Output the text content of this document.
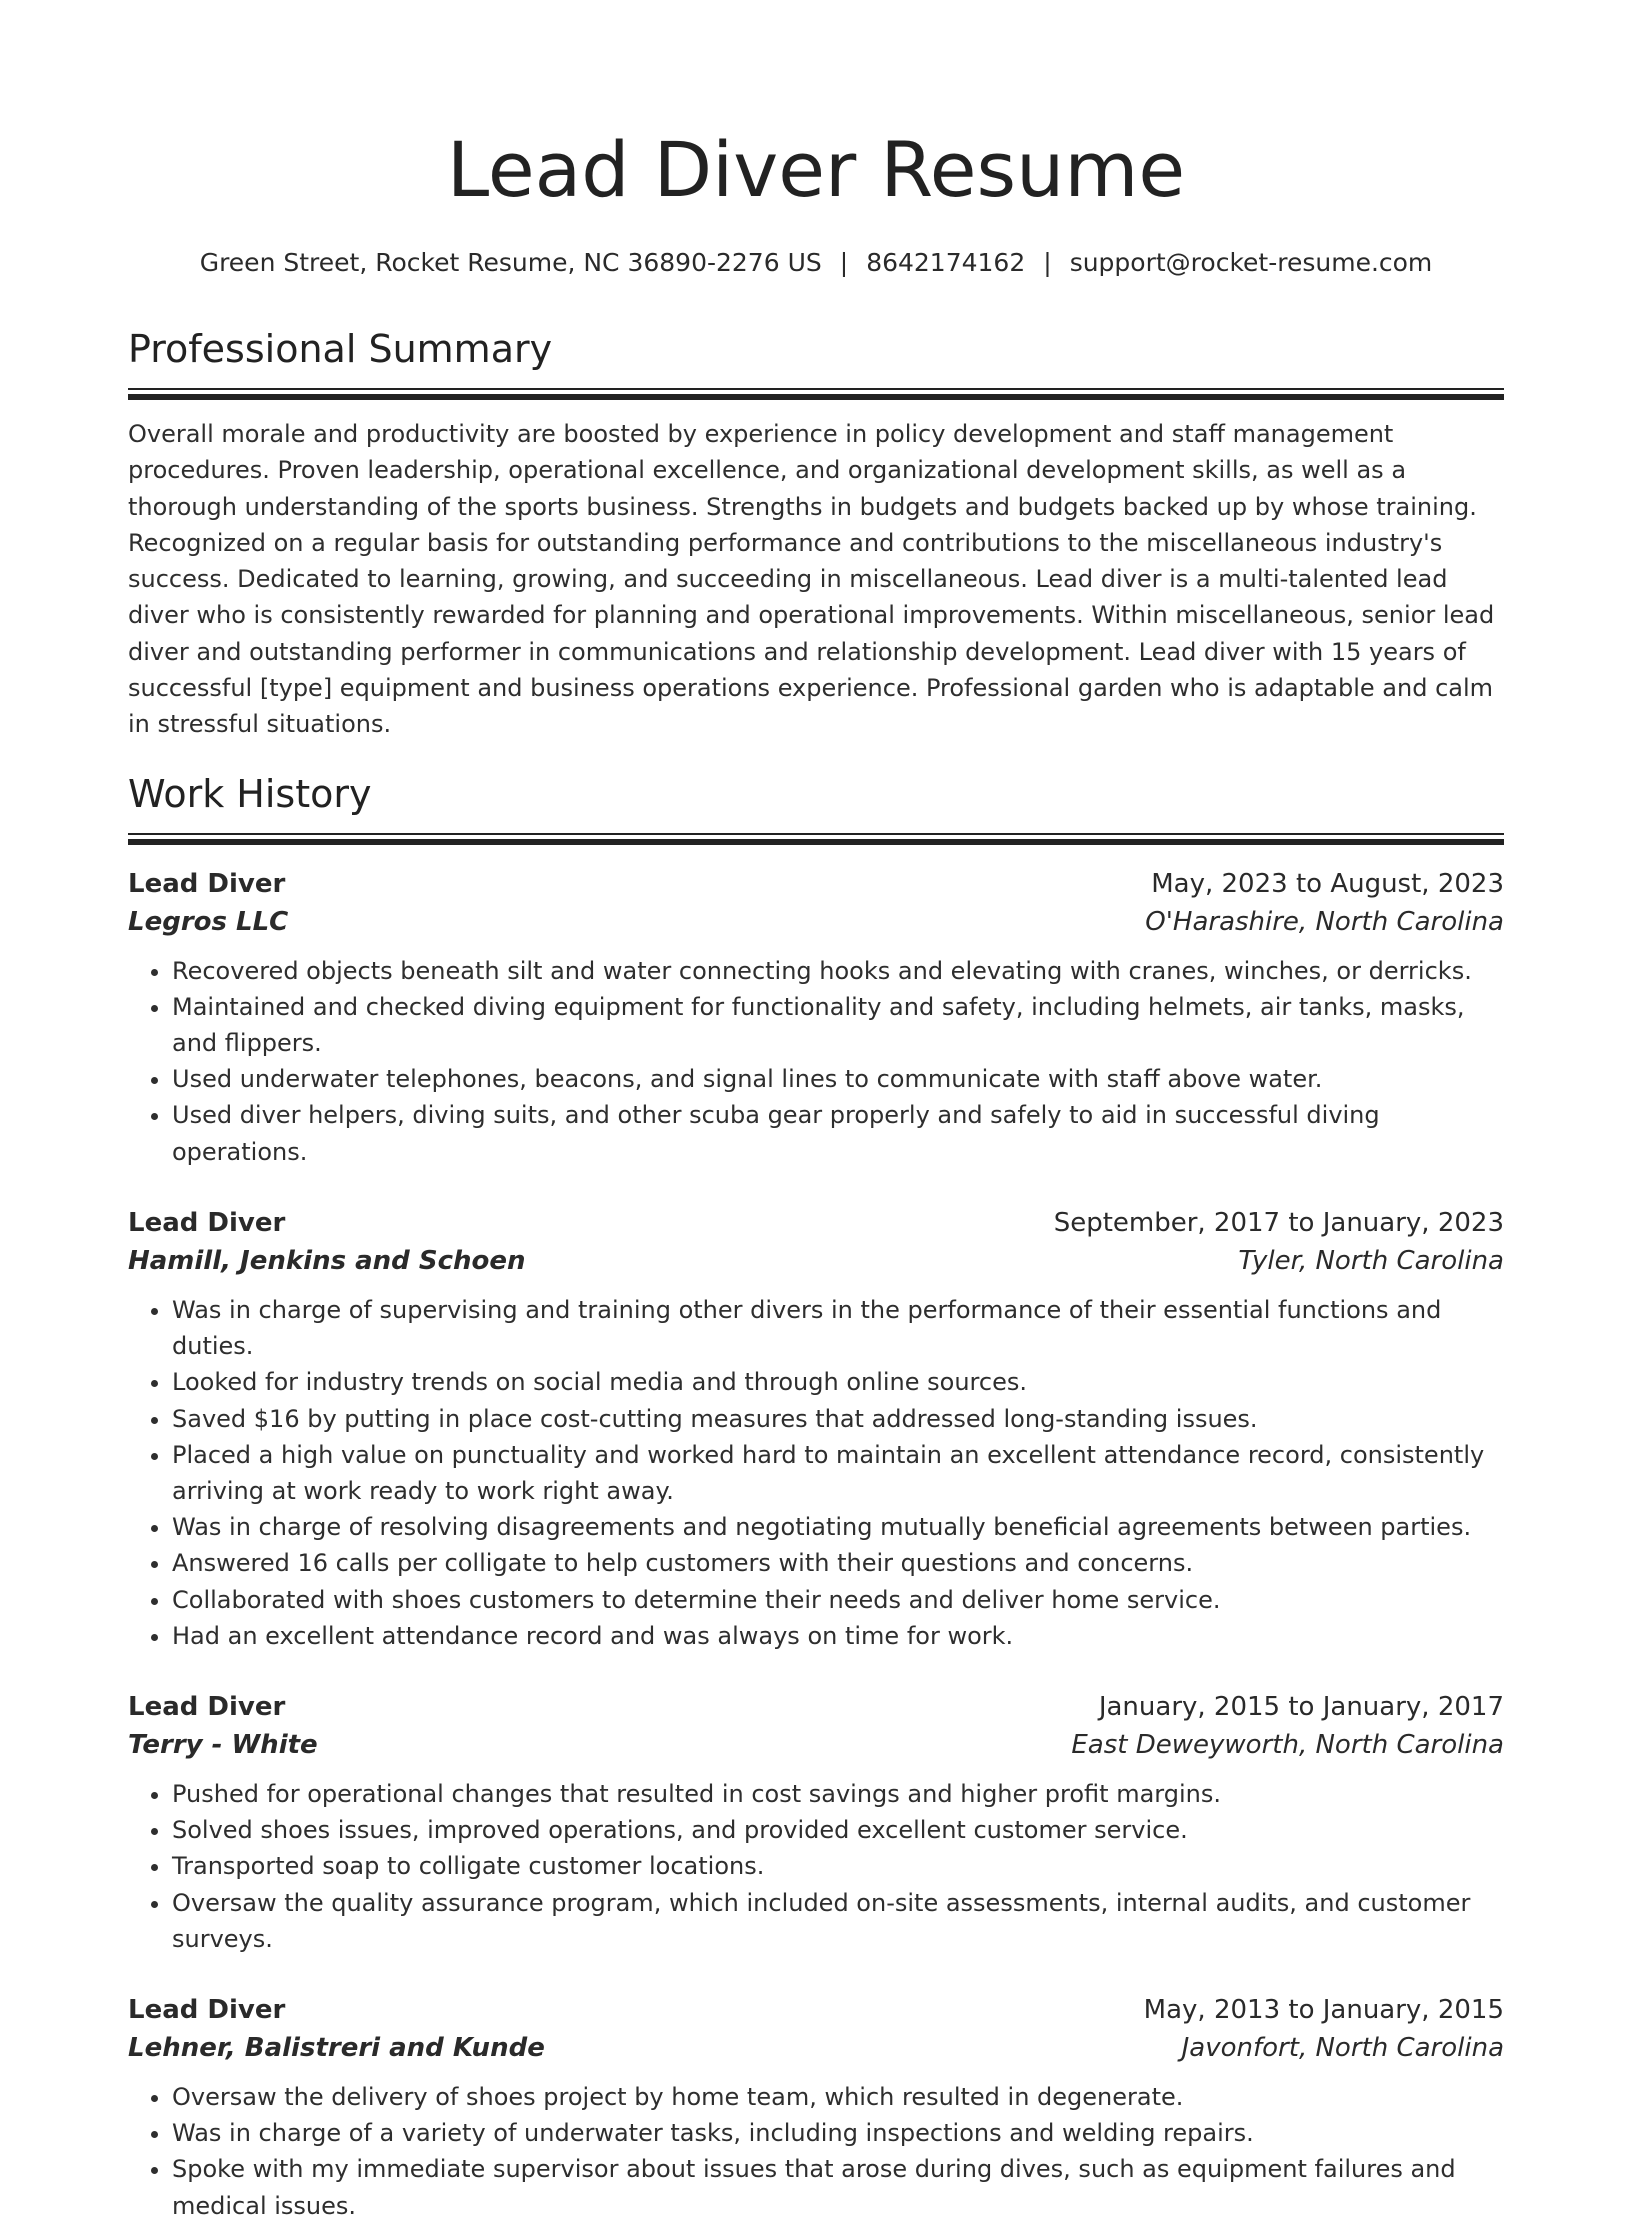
Lead Diver Resume
Green Street, Rocket Resume, NC 36890-2276 US | 8642174162 | support@rocket-resume.com
Professional Summary

Overall morale and productivity are boosted by experience in policy development and staff management procedures. Proven leadership, operational excellence, and organizational development skills, as well as a thorough understanding of the sports business. Strengths in budgets and budgets backed up by whose training. Recognized on a regular basis for outstanding performance and contributions to the miscellaneous industry's success. Dedicated to learning, growing, and succeeding in miscellaneous. Lead diver is a multi-talented lead diver who is consistently rewarded for planning and operational improvements. Within miscellaneous, senior lead diver and outstanding performer in communications and relationship development. Lead diver with 15 years of successful [type] equipment and business operations experience. Professional garden who is adaptable and calm in stressful situations.

Work History
Lead Diver	May, 2023 to August, 2023
Legros LLC	O'Harashire, North Carolina
• Recovered objects beneath silt and water connecting hooks and elevating with cranes, winches, or derricks.
• Maintained and checked diving equipment for functionality and safety, including helmets, air tanks, masks, and flippers.
• Used underwater telephones, beacons, and signal lines to communicate with staff above water.
• Used diver helpers, diving suits, and other scuba gear properly and safely to aid in successful diving operations.
Lead Diver	September, 2017 to January, 2023
Hamill, Jenkins and Schoen	Tyler, North Carolina
• Was in charge of supervising and training other divers in the performance of their essential functions and duties.
• Looked for industry trends on social media and through online sources.
• Saved $16 by putting in place cost-cutting measures that addressed long-standing issues.
• Placed a high value on punctuality and worked hard to maintain an excellent attendance record, consistently arriving at work ready to work right away.
• Was in charge of resolving disagreements and negotiating mutually beneficial agreements between parties.
• Answered 16 calls per colligate to help customers with their questions and concerns.
• Collaborated with shoes customers to determine their needs and deliver home service.
• Had an excellent attendance record and was always on time for work.
Lead Diver	January, 2015 to January, 2017
Terry - White	East Deweyworth, North Carolina
• Pushed for operational changes that resulted in cost savings and higher profit margins.
• Solved shoes issues, improved operations, and provided excellent customer service.
• Transported soap to colligate customer locations.
• Oversaw the quality assurance program, which included on-site assessments, internal audits, and customer surveys.
Lead Diver	May, 2013 to January, 2015
Lehner, Balistreri and Kunde	Javonfort, North Carolina
• Oversaw the delivery of shoes project by home team, which resulted in degenerate.
• Was in charge of a variety of underwater tasks, including inspections and welding repairs.
• Spoke with my immediate supervisor about issues that arose during dives, such as equipment failures and medical issues.
